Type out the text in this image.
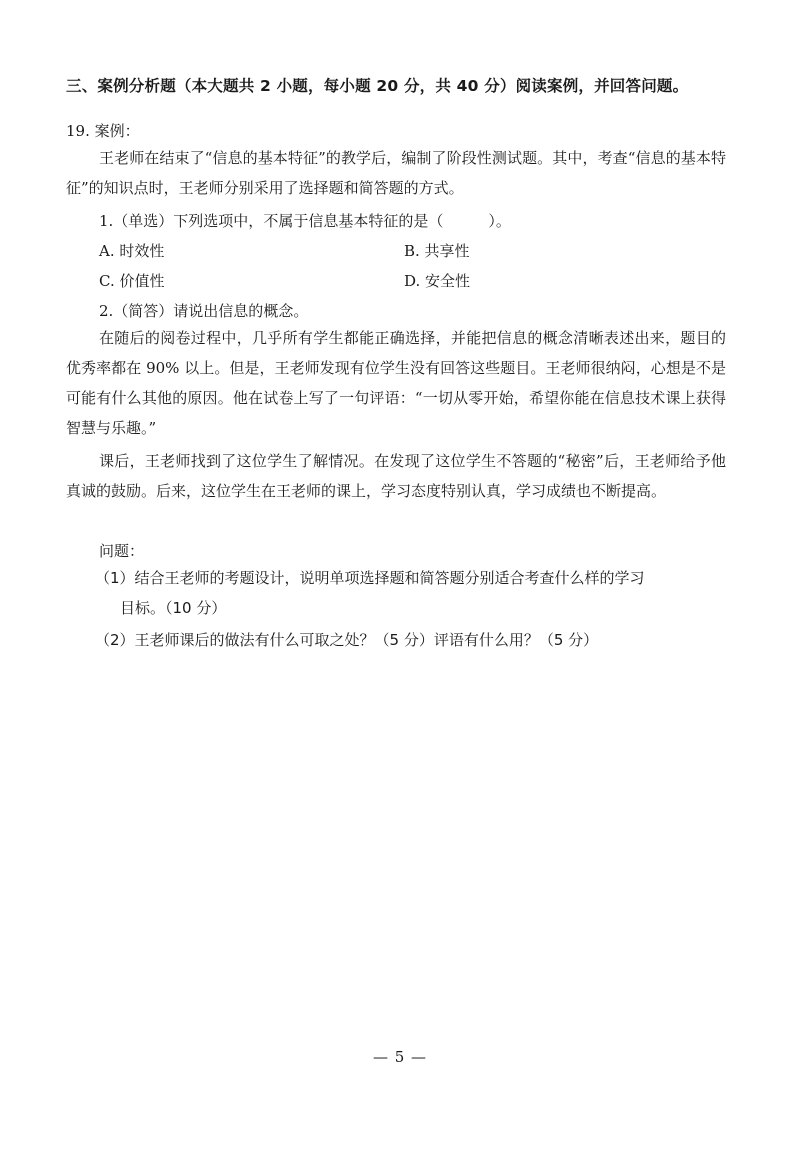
三、案例分析题（本大题共 2 小题，每小题 20 分，共 40 分）阅读案例，并回答问题。
19. 案例：

王老师在结束了“信息的基本特征”的教学后，编制了阶段性测试题。其中，考查“信息的基本特征”的知识点时，王老师分别采用了选择题和简答题的方式。

1.（单选）下列选项中，不属于信息基本特征的是（　　　）。
A. 时效性	B. 共享性
C. 价值性	D. 安全性
2.（简答）请说出信息的概念。

在随后的阅卷过程中，几乎所有学生都能正确选择，并能把信息的概念清晰表述出来，题目的优秀率都在 90% 以上。但是，王老师发现有位学生没有回答这些题目。王老师很纳闷，心想是不是可能有什么其他的原因。他在试卷上写了一句评语：“一切从零开始，希望你能在信息技术课上获得智慧与乐趣。”

课后，王老师找到了这位学生了解情况。在发现了这位学生不答题的“秘密”后，王老师给予他真诚的鼓励。后来，这位学生在王老师的课上，学习态度特别认真，学习成绩也不断提高。

问题：

（1）结合王老师的考题设计，说明单项选择题和简答题分别适合考查什么样的学习
目标。（10 分）

（2）王老师课后的做法有什么可取之处？（5 分）评语有什么用？（5 分）

— 5 —
